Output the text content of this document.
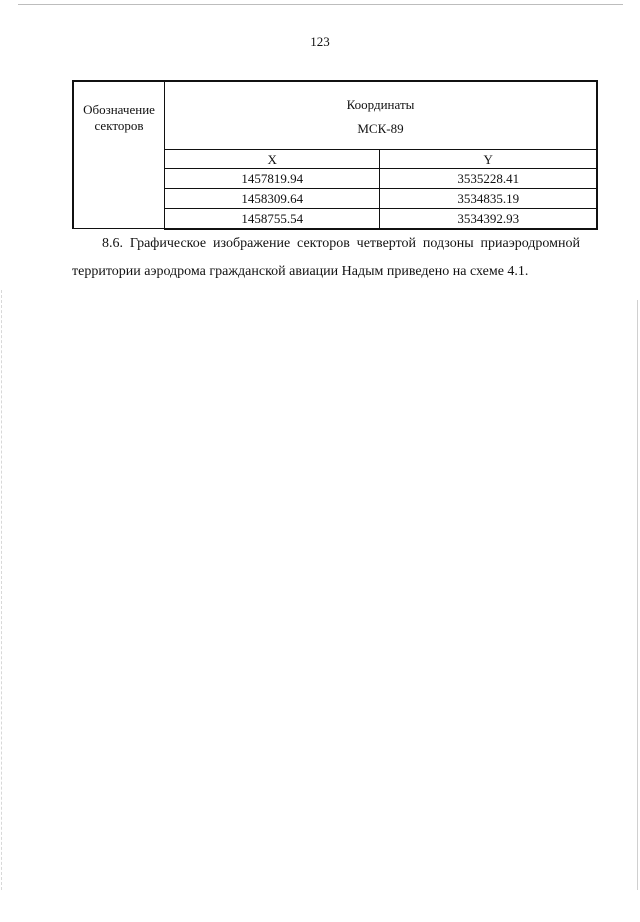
123
Обозначение секторов	Координаты
МСК-89	

	X	Y
	1457819.94	3535228.41
	1458309.64	3534835.19
	1458755.54	3534392.93

8.6. Графическое изображение секторов четвертой подзоны приаэродромной

территории аэродрома гражданской авиации Надым приведено на схеме 4.1.
